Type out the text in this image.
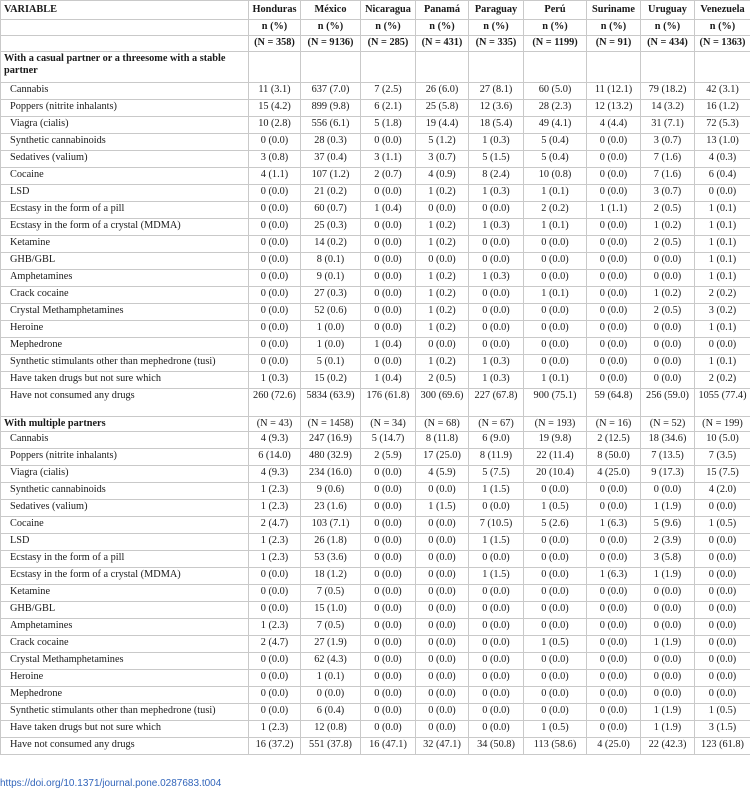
VARIABLE	Honduras	México	Nicaragua	Panamá	Paraguay	Perú	Suriname	Uruguay	Venezuela
	n (%)	n (%)	n (%)	n (%)	n (%)	n (%)	n (%)	n (%)	n (%)
	(N = 358)	(N = 9136)	(N = 285)	(N = 431)	(N = 335)	(N = 1199)	(N = 91)	(N = 434)	(N = 1363)
With a casual partner or a threesome with a stable partner									
Cannabis	11 (3.1)	637 (7.0)	7 (2.5)	26 (6.0)	27 (8.1)	60 (5.0)	11 (12.1)	79 (18.2)	42 (3.1)
Poppers (nitrite inhalants)	15 (4.2)	899 (9.8)	6 (2.1)	25 (5.8)	12 (3.6)	28 (2.3)	12 (13.2)	14 (3.2)	16 (1.2)
Viagra (cialis)	10 (2.8)	556 (6.1)	5 (1.8)	19 (4.4)	18 (5.4)	49 (4.1)	4 (4.4)	31 (7.1)	72 (5.3)
Synthetic cannabinoids	0 (0.0)	28 (0.3)	0 (0.0)	5 (1.2)	1 (0.3)	5 (0.4)	0 (0.0)	3 (0.7)	13 (1.0)
Sedatives (valium)	3 (0.8)	37 (0.4)	3 (1.1)	3 (0.7)	5 (1.5)	5 (0.4)	0 (0.0)	7 (1.6)	4 (0.3)
Cocaine	4 (1.1)	107 (1.2)	2 (0.7)	4 (0.9)	8 (2.4)	10 (0.8)	0 (0.0)	7 (1.6)	6 (0.4)
LSD	0 (0.0)	21 (0.2)	0 (0.0)	1 (0.2)	1 (0.3)	1 (0.1)	0 (0.0)	3 (0.7)	0 (0.0)
Ecstasy in the form of a pill	0 (0.0)	60 (0.7)	1 (0.4)	0 (0.0)	0 (0.0)	2 (0.2)	1 (1.1)	2 (0.5)	1 (0.1)
Ecstasy in the form of a crystal (MDMA)	0 (0.0)	25 (0.3)	0 (0.0)	1 (0.2)	1 (0.3)	1 (0.1)	0 (0.0)	1 (0.2)	1 (0.1)
Ketamine	0 (0.0)	14 (0.2)	0 (0.0)	1 (0.2)	0 (0.0)	0 (0.0)	0 (0.0)	2 (0.5)	1 (0.1)
GHB/GBL	0 (0.0)	8 (0.1)	0 (0.0)	0 (0.0)	0 (0.0)	0 (0.0)	0 (0.0)	0 (0.0)	1 (0.1)
Amphetamines	0 (0.0)	9 (0.1)	0 (0.0)	1 (0.2)	1 (0.3)	0 (0.0)	0 (0.0)	0 (0.0)	1 (0.1)
Crack cocaine	0 (0.0)	27 (0.3)	0 (0.0)	1 (0.2)	0 (0.0)	1 (0.1)	0 (0.0)	1 (0.2)	2 (0.2)
Crystal Methamphetamines	0 (0.0)	52 (0.6)	0 (0.0)	1 (0.2)	0 (0.0)	0 (0.0)	0 (0.0)	2 (0.5)	3 (0.2)
Heroine	0 (0.0)	1 (0.0)	0 (0.0)	1 (0.2)	0 (0.0)	0 (0.0)	0 (0.0)	0 (0.0)	1 (0.1)
Mephedrone	0 (0.0)	1 (0.0)	1 (0.4)	0 (0.0)	0 (0.0)	0 (0.0)	0 (0.0)	0 (0.0)	0 (0.0)
Synthetic stimulants other than mephedrone (tusi)	0 (0.0)	5 (0.1)	0 (0.0)	1 (0.2)	1 (0.3)	0 (0.0)	0 (0.0)	0 (0.0)	1 (0.1)
Have taken drugs but not sure which	1 (0.3)	15 (0.2)	1 (0.4)	2 (0.5)	1 (0.3)	1 (0.1)	0 (0.0)	0 (0.0)	2 (0.2)
Have not consumed any drugs	260 (72.6)	5834 (63.9)	176 (61.8)	300 (69.6)	227 (67.8)	900 (75.1)	59 (64.8)	256 (59.0)	1055 (77.4)
With multiple partners	(N = 43)	(N = 1458)	(N = 34)	(N = 68)	(N = 67)	(N = 193)	(N = 16)	(N = 52)	(N = 199)
Cannabis	4 (9.3)	247 (16.9)	5 (14.7)	8 (11.8)	6 (9.0)	19 (9.8)	2 (12.5)	18 (34.6)	10 (5.0)
Poppers (nitrite inhalants)	6 (14.0)	480 (32.9)	2 (5.9)	17 (25.0)	8 (11.9)	22 (11.4)	8 (50.0)	7 (13.5)	7 (3.5)
Viagra (cialis)	4 (9.3)	234 (16.0)	0 (0.0)	4 (5.9)	5 (7.5)	20 (10.4)	4 (25.0)	9 (17.3)	15 (7.5)
Synthetic cannabinoids	1 (2.3)	9 (0.6)	0 (0.0)	0 (0.0)	1 (1.5)	0 (0.0)	0 (0.0)	0 (0.0)	4 (2.0)
Sedatives (valium)	1 (2.3)	23 (1.6)	0 (0.0)	1 (1.5)	0 (0.0)	1 (0.5)	0 (0.0)	1 (1.9)	0 (0.0)
Cocaine	2 (4.7)	103 (7.1)	0 (0.0)	0 (0.0)	7 (10.5)	5 (2.6)	1 (6.3)	5 (9.6)	1 (0.5)
LSD	1 (2.3)	26 (1.8)	0 (0.0)	0 (0.0)	1 (1.5)	0 (0.0)	0 (0.0)	2 (3.9)	0 (0.0)
Ecstasy in the form of a pill	1 (2.3)	53 (3.6)	0 (0.0)	0 (0.0)	0 (0.0)	0 (0.0)	0 (0.0)	3 (5.8)	0 (0.0)
Ecstasy in the form of a crystal (MDMA)	0 (0.0)	18 (1.2)	0 (0.0)	0 (0.0)	1 (1.5)	0 (0.0)	1 (6.3)	1 (1.9)	0 (0.0)
Ketamine	0 (0.0)	7 (0.5)	0 (0.0)	0 (0.0)	0 (0.0)	0 (0.0)	0 (0.0)	0 (0.0)	0 (0.0)
GHB/GBL	0 (0.0)	15 (1.0)	0 (0.0)	0 (0.0)	0 (0.0)	0 (0.0)	0 (0.0)	0 (0.0)	0 (0.0)
Amphetamines	1 (2.3)	7 (0.5)	0 (0.0)	0 (0.0)	0 (0.0)	0 (0.0)	0 (0.0)	0 (0.0)	0 (0.0)
Crack cocaine	2 (4.7)	27 (1.9)	0 (0.0)	0 (0.0)	0 (0.0)	1 (0.5)	0 (0.0)	1 (1.9)	0 (0.0)
Crystal Methamphetamines	0 (0.0)	62 (4.3)	0 (0.0)	0 (0.0)	0 (0.0)	0 (0.0)	0 (0.0)	0 (0.0)	0 (0.0)
Heroine	0 (0.0)	1 (0.1)	0 (0.0)	0 (0.0)	0 (0.0)	0 (0.0)	0 (0.0)	0 (0.0)	0 (0.0)
Mephedrone	0 (0.0)	0 (0.0)	0 (0.0)	0 (0.0)	0 (0.0)	0 (0.0)	0 (0.0)	0 (0.0)	0 (0.0)
Synthetic stimulants other than mephedrone (tusi)	0 (0.0)	6 (0.4)	0 (0.0)	0 (0.0)	0 (0.0)	0 (0.0)	0 (0.0)	1 (1.9)	1 (0.5)
Have taken drugs but not sure which	1 (2.3)	12 (0.8)	0 (0.0)	0 (0.0)	0 (0.0)	1 (0.5)	0 (0.0)	1 (1.9)	3 (1.5)
Have not consumed any drugs	16 (37.2)	551 (37.8)	16 (47.1)	32 (47.1)	34 (50.8)	113 (58.6)	4 (25.0)	22 (42.3)	123 (61.8)
https://doi.org/10.1371/journal.pone.0287683.t004
